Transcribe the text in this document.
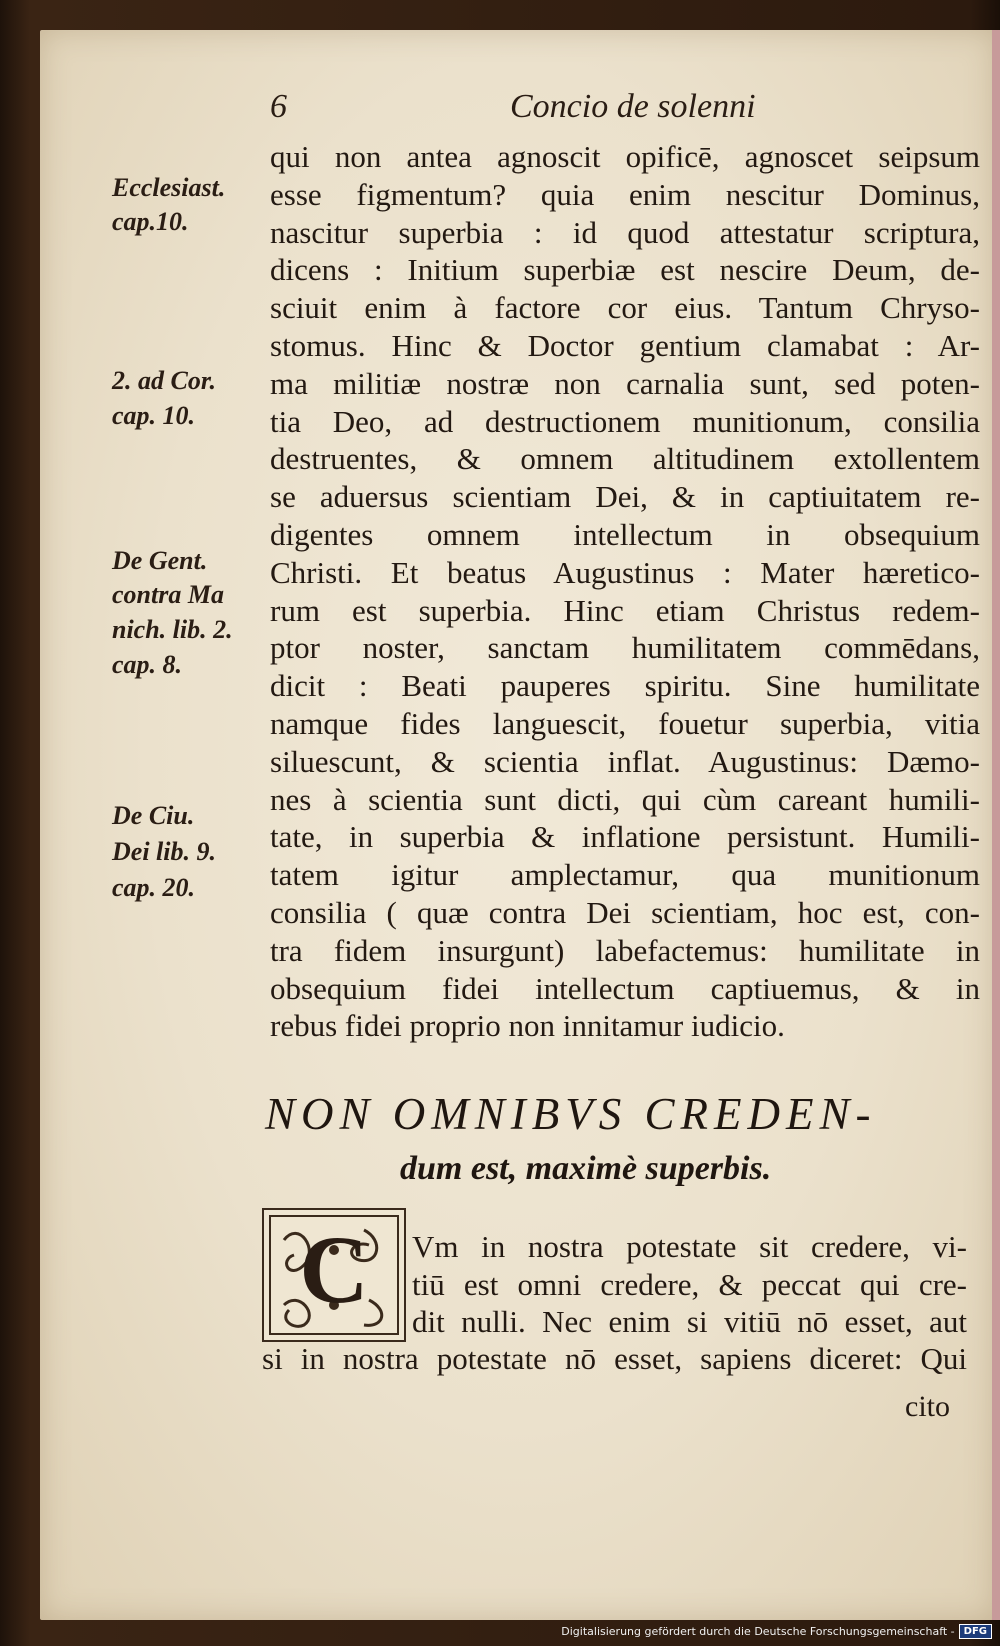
6	Concio de solenni
Ecclesiast.
cap.10.
2. ad Cor.
cap. 10.
De Gent.
contra Ma
nich. lib. 2.
cap. 8.
De Ciu.
Dei lib. 9.
cap. 20.
qui non antea agnoscit opificē, agnoscet seipsum
esse figmentum? quia enim nescitur Dominus,
nascitur superbia : id quod attestatur scriptura,
dicens : Initium superbiæ est nescire Deum, de-
sciuit enim à factore cor eius. Tantum Chryso-
stomus. Hinc & Doctor gentium clamabat : Ar-
ma militiæ nostræ non carnalia sunt, sed poten-
tia Deo, ad destructionem munitionum, consilia
destruentes, & omnem altitudinem extollentem
se aduersus scientiam Dei, & in captiuitatem re-
digentes omnem intellectum in obsequium
Christi. Et beatus Augustinus : Mater hæretico-
rum est superbia. Hinc etiam Christus redem-
ptor noster, sanctam humilitatem commēdans,
dicit : Beati pauperes spiritu. Sine humilitate
namque fides languescit, fouetur superbia, vitia
siluescunt, & scientia inflat. Augustinus: Dæmo-
nes à scientia sunt dicti, qui cùm careant humili-
tate, in superbia & inflatione persistunt. Humili-
tatem igitur amplectamur, qua munitionum
consilia ( quæ contra Dei scientiam, hoc est, con-
tra fidem insurgunt) labefactemus: humilitate in
obsequium fidei intellectum captiuemus, & in
rebus fidei proprio non innitamur iudicio.
NON OMNIBVS CREDEN-
dum est, maximè superbis.
C Vm in nostra potestate sit credere, vi-
tiū est omni credere, & peccat qui cre-
dit nulli. Nec enim si vitiū nō esset, aut
si in nostra potestate nō esset, sapiens diceret: Qui
cito
Digitalisierung gefördert durch die Deutsche Forschungsgemeinschaft - DFG
